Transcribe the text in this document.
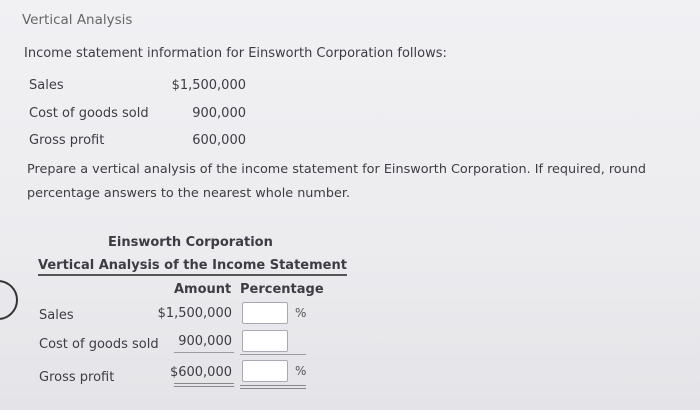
Vertical Analysis
Income statement information for Einsworth Corporation follows:
Sales	$1,500,000
Cost of goods sold	900,000
Gross profit	600,000
Prepare a vertical analysis of the income statement for Einsworth Corporation. If required, round percentage answers to the nearest whole number.
Einsworth Corporation
Vertical Analysis of the Income Statement
Amount Percentage
Sales	$1,500,000	%
Cost of goods sold	900,000
Gross profit	$600,000	%
